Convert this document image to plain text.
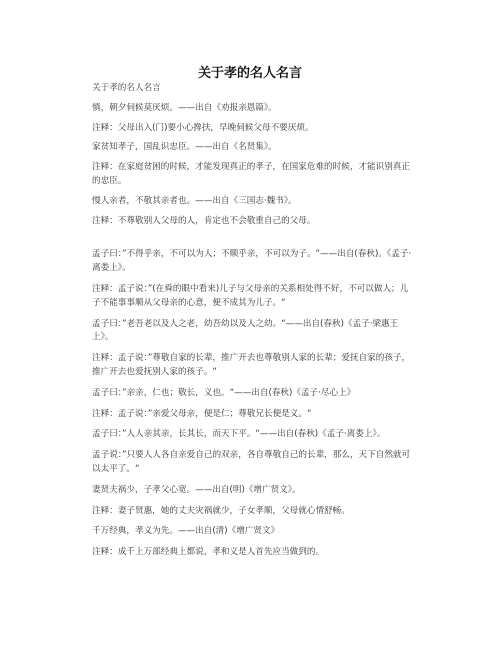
关于孝的名人名言

关于孝的名人名言

慎，朝夕伺候莫厌烦。——出自《劝报亲恩篇》。

注释：父母出入(门)要小心搀扶，早晚伺候父母不要厌烦。

家贫知孝子，国乱识忠臣。——出自《名贤集》。

注释：在家庭贫困的时候，才能发现真正的孝子，在国家危难的时候，才能识别真正的忠臣。

慢人亲者，不敬其亲者也。——出自《三国志·魏书》。

注释：不尊敬别人父母的人，肯定也不会敬重自己的父母。

孟子曰：”不得乎亲，不可以为人；不顺乎亲，不可以为子。“——出自(春秋)。《孟子·离娄上》。

注释：孟子说：”(在舜的眼中看来)儿子与父母亲的关系相处得不好，不可以做人；儿子不能事事顺从父母亲的心意，便不成其为儿子。“

孟子曰：”老吾老以及人之老，幼吾幼以及人之幼。“——出自(春秋)《孟子·梁惠王上》。

注释：孟子说：”尊敬自家的长辈，推广开去也尊敬别人家的长辈；爱抚自家的孩子，推广开去也爱抚别人家的孩子。“

孟子曰：”亲亲，仁也；敬长，义也。“——出自(春秋)《孟子·尽心上》

注释：孟子说：”亲爱父母亲，便是仁；尊敬兄长便是义。“

孟子曰：”人人亲其亲，长其长，而天下平。“——出自(春秋)《孟子·离娄上》。

孟子说：”只要人人各自亲爱自己的双亲，各自尊敬自己的长辈，那么，天下自然就可以太平了。“

妻贤夫祸少，子孝父心宽。——出自(明)《增广贤文》。

注释：妻子贤惠，她的丈夫灾祸就少，子女孝顺，父母就心情舒畅。

千万经典，孝义为先。——出自(清)《增广贤文》

注释：成千上万部经典上都说，孝和义是人首先应当做到的。
